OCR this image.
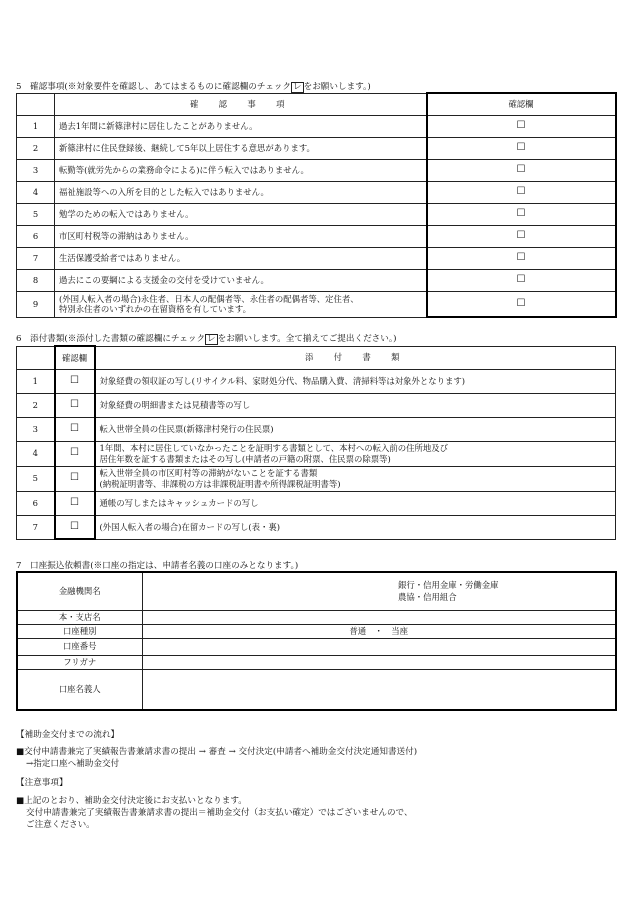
5　確認事項(※対象要件を確認し、あてはまるものに確認欄のチェック レ をお願いします。)
	確　認　事　項	確認欄
1	過去1年間に新篠津村に居住したことがありません。	☐
2	新篠津村に住民登録後、継続して5年以上居住する意思があります。	☐
3	転勤等(就労先からの業務命令による)に伴う転入ではありません。	☐
4	福祉施設等への入所を目的とした転入ではありません。	☐
5	勉学のための転入ではありません。	☐
6	市区町村税等の滞納はありません。	☐
7	生活保護受給者ではありません。	☐
8	過去にこの要綱による支援金の交付を受けていません。	☐
9	(外国人転入者の場合)永住者、日本人の配偶者等、永住者の配偶者等、定住者、
特別永住者のいずれかの在留資格を有しています。	☐
6　添付書類(※添付した書類の確認欄にチェック レ をお願いします。全て揃えてご提出ください。)
	確認欄	添　付　書　類
1	☐	対象経費の領収証の写し(リサイクル料、家財処分代、物品購入費、清掃料等は対象外となります)

2	☐	対象経費の明細書または見積書等の写し

3	☐	転入世帯全員の住民票(新篠津村発行の住民票)

4	☐	1年間、本村に居住していなかったことを証明する書類として、本村への転入前の住所地及び
居住年数を証する書類またはその写し(申請者の戸籍の附票、住民票の除票等)

5	☐	転入世帯全員の市区町村等の滞納がないことを証する書類
(納税証明書等、非課税の方は非課税証明書や所得課税証明書等)

6	☐	通帳の写しまたはキャッシュカードの写し

7	☐	(外国人転入者の場合)在留カードの写し(表・裏)
7　口座振込依頼書(※口座の指定は、申請者名義の口座のみとなります。)
金融機関名		銀行・信用金庫・労働金庫
農協・信用組合

本・支店名		
口座種別	普通　・　当座	
口座番号		
フリガナ		
口座名義人		
【補助金交付までの流れ】
■交付申請書兼完了実績報告書兼請求書の提出 → 審査 → 交付決定(申請者へ補助金交付決定通知書送付)
→指定口座へ補助金交付
【注意事項】
■上記のとおり、補助金交付決定後にお支払いとなります。
交付申請書兼完了実績報告書兼請求書の提出＝補助金交付（お支払い確定）ではございませんので、
ご注意ください。
